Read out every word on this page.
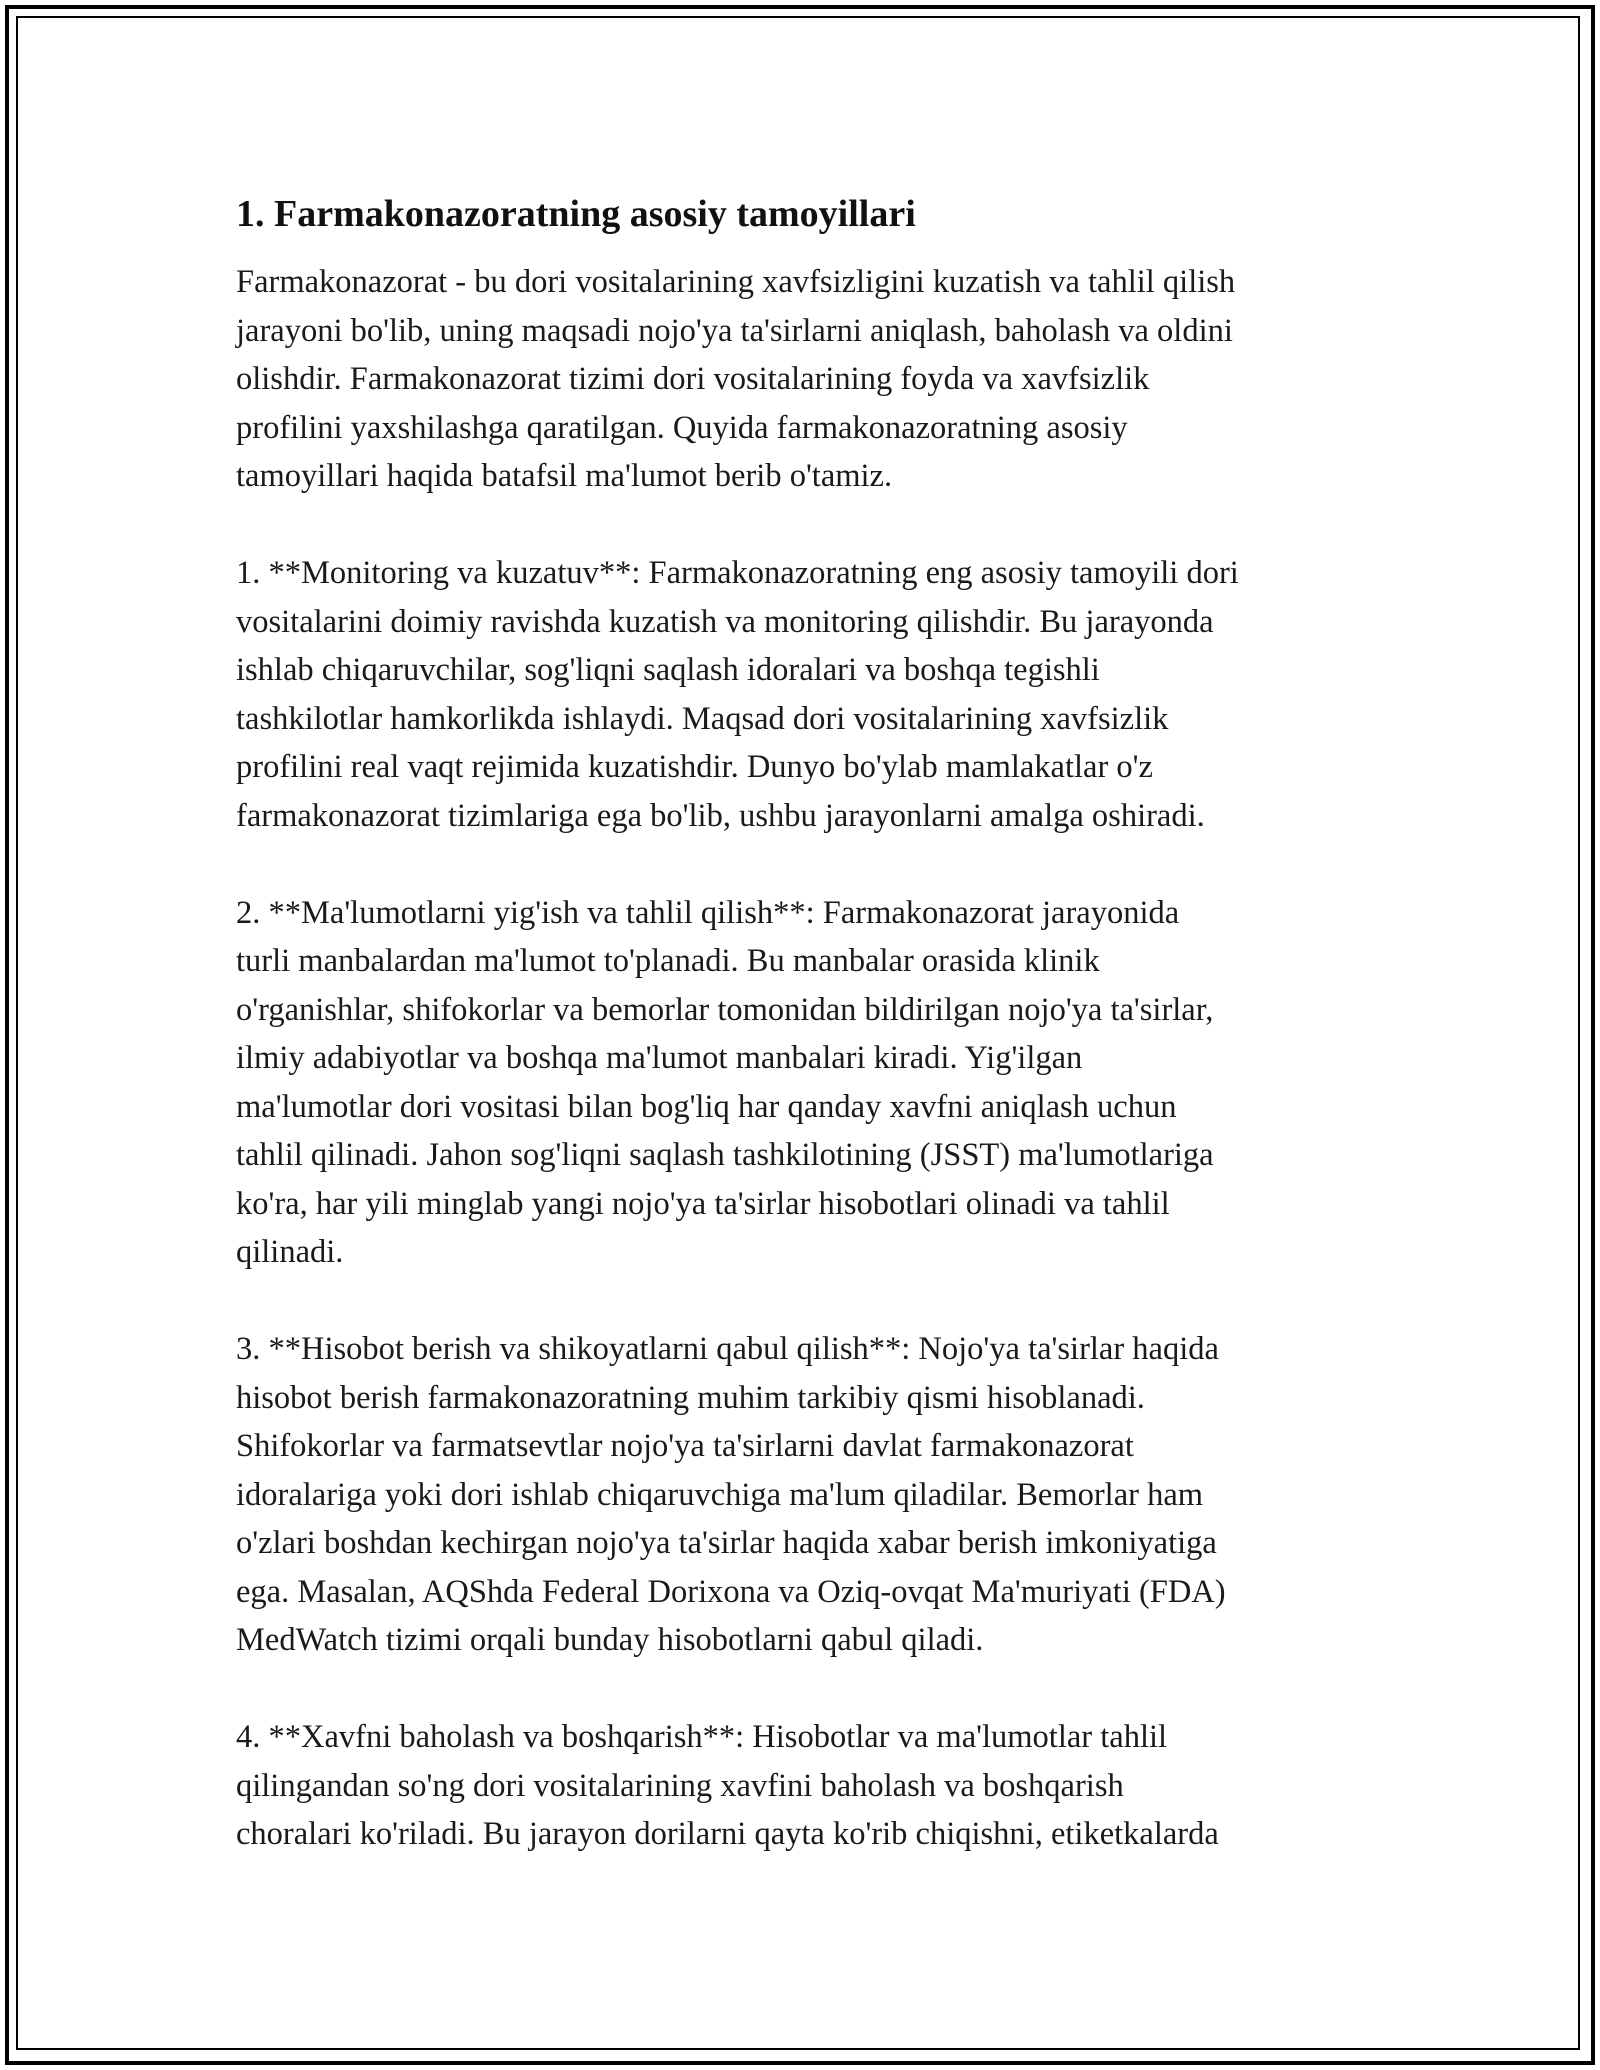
1. Farmakonazoratning asosiy tamoyillari

Farmakonazorat - bu dori vositalarining xavfsizligini kuzatish va tahlil qilish
jarayoni bo'lib, uning maqsadi nojo'ya ta'sirlarni aniqlash, baholash va oldini
olishdir. Farmakonazorat tizimi dori vositalarining foyda va xavfsizlik
profilini yaxshilashga qaratilgan. Quyida farmakonazoratning asosiy
tamoyillari haqida batafsil ma'lumot berib o'tamiz.

1. **Monitoring va kuzatuv**: Farmakonazoratning eng asosiy tamoyili dori
vositalarini doimiy ravishda kuzatish va monitoring qilishdir. Bu jarayonda
ishlab chiqaruvchilar, sog'liqni saqlash idoralari va boshqa tegishli
tashkilotlar hamkorlikda ishlaydi. Maqsad dori vositalarining xavfsizlik
profilini real vaqt rejimida kuzatishdir. Dunyo bo'ylab mamlakatlar o'z
farmakonazorat tizimlariga ega bo'lib, ushbu jarayonlarni amalga oshiradi.

2. **Ma'lumotlarni yig'ish va tahlil qilish**: Farmakonazorat jarayonida
turli manbalardan ma'lumot to'planadi. Bu manbalar orasida klinik
o'rganishlar, shifokorlar va bemorlar tomonidan bildirilgan nojo'ya ta'sirlar,
ilmiy adabiyotlar va boshqa ma'lumot manbalari kiradi. Yig'ilgan
ma'lumotlar dori vositasi bilan bog'liq har qanday xavfni aniqlash uchun
tahlil qilinadi. Jahon sog'liqni saqlash tashkilotining (JSST) ma'lumotlariga
ko'ra, har yili minglab yangi nojo'ya ta'sirlar hisobotlari olinadi va tahlil
qilinadi.

3. **Hisobot berish va shikoyatlarni qabul qilish**: Nojo'ya ta'sirlar haqida
hisobot berish farmakonazoratning muhim tarkibiy qismi hisoblanadi.
Shifokorlar va farmatsevtlar nojo'ya ta'sirlarni davlat farmakonazorat
idoralariga yoki dori ishlab chiqaruvchiga ma'lum qiladilar. Bemorlar ham
o'zlari boshdan kechirgan nojo'ya ta'sirlar haqida xabar berish imkoniyatiga
ega. Masalan, AQShda Federal Dorixona va Oziq-ovqat Ma'muriyati (FDA)
MedWatch tizimi orqali bunday hisobotlarni qabul qiladi.

4. **Xavfni baholash va boshqarish**: Hisobotlar va ma'lumotlar tahlil
qilingandan so'ng dori vositalarining xavfini baholash va boshqarish
choralari ko'riladi. Bu jarayon dorilarni qayta ko'rib chiqishni, etiketkalarda
